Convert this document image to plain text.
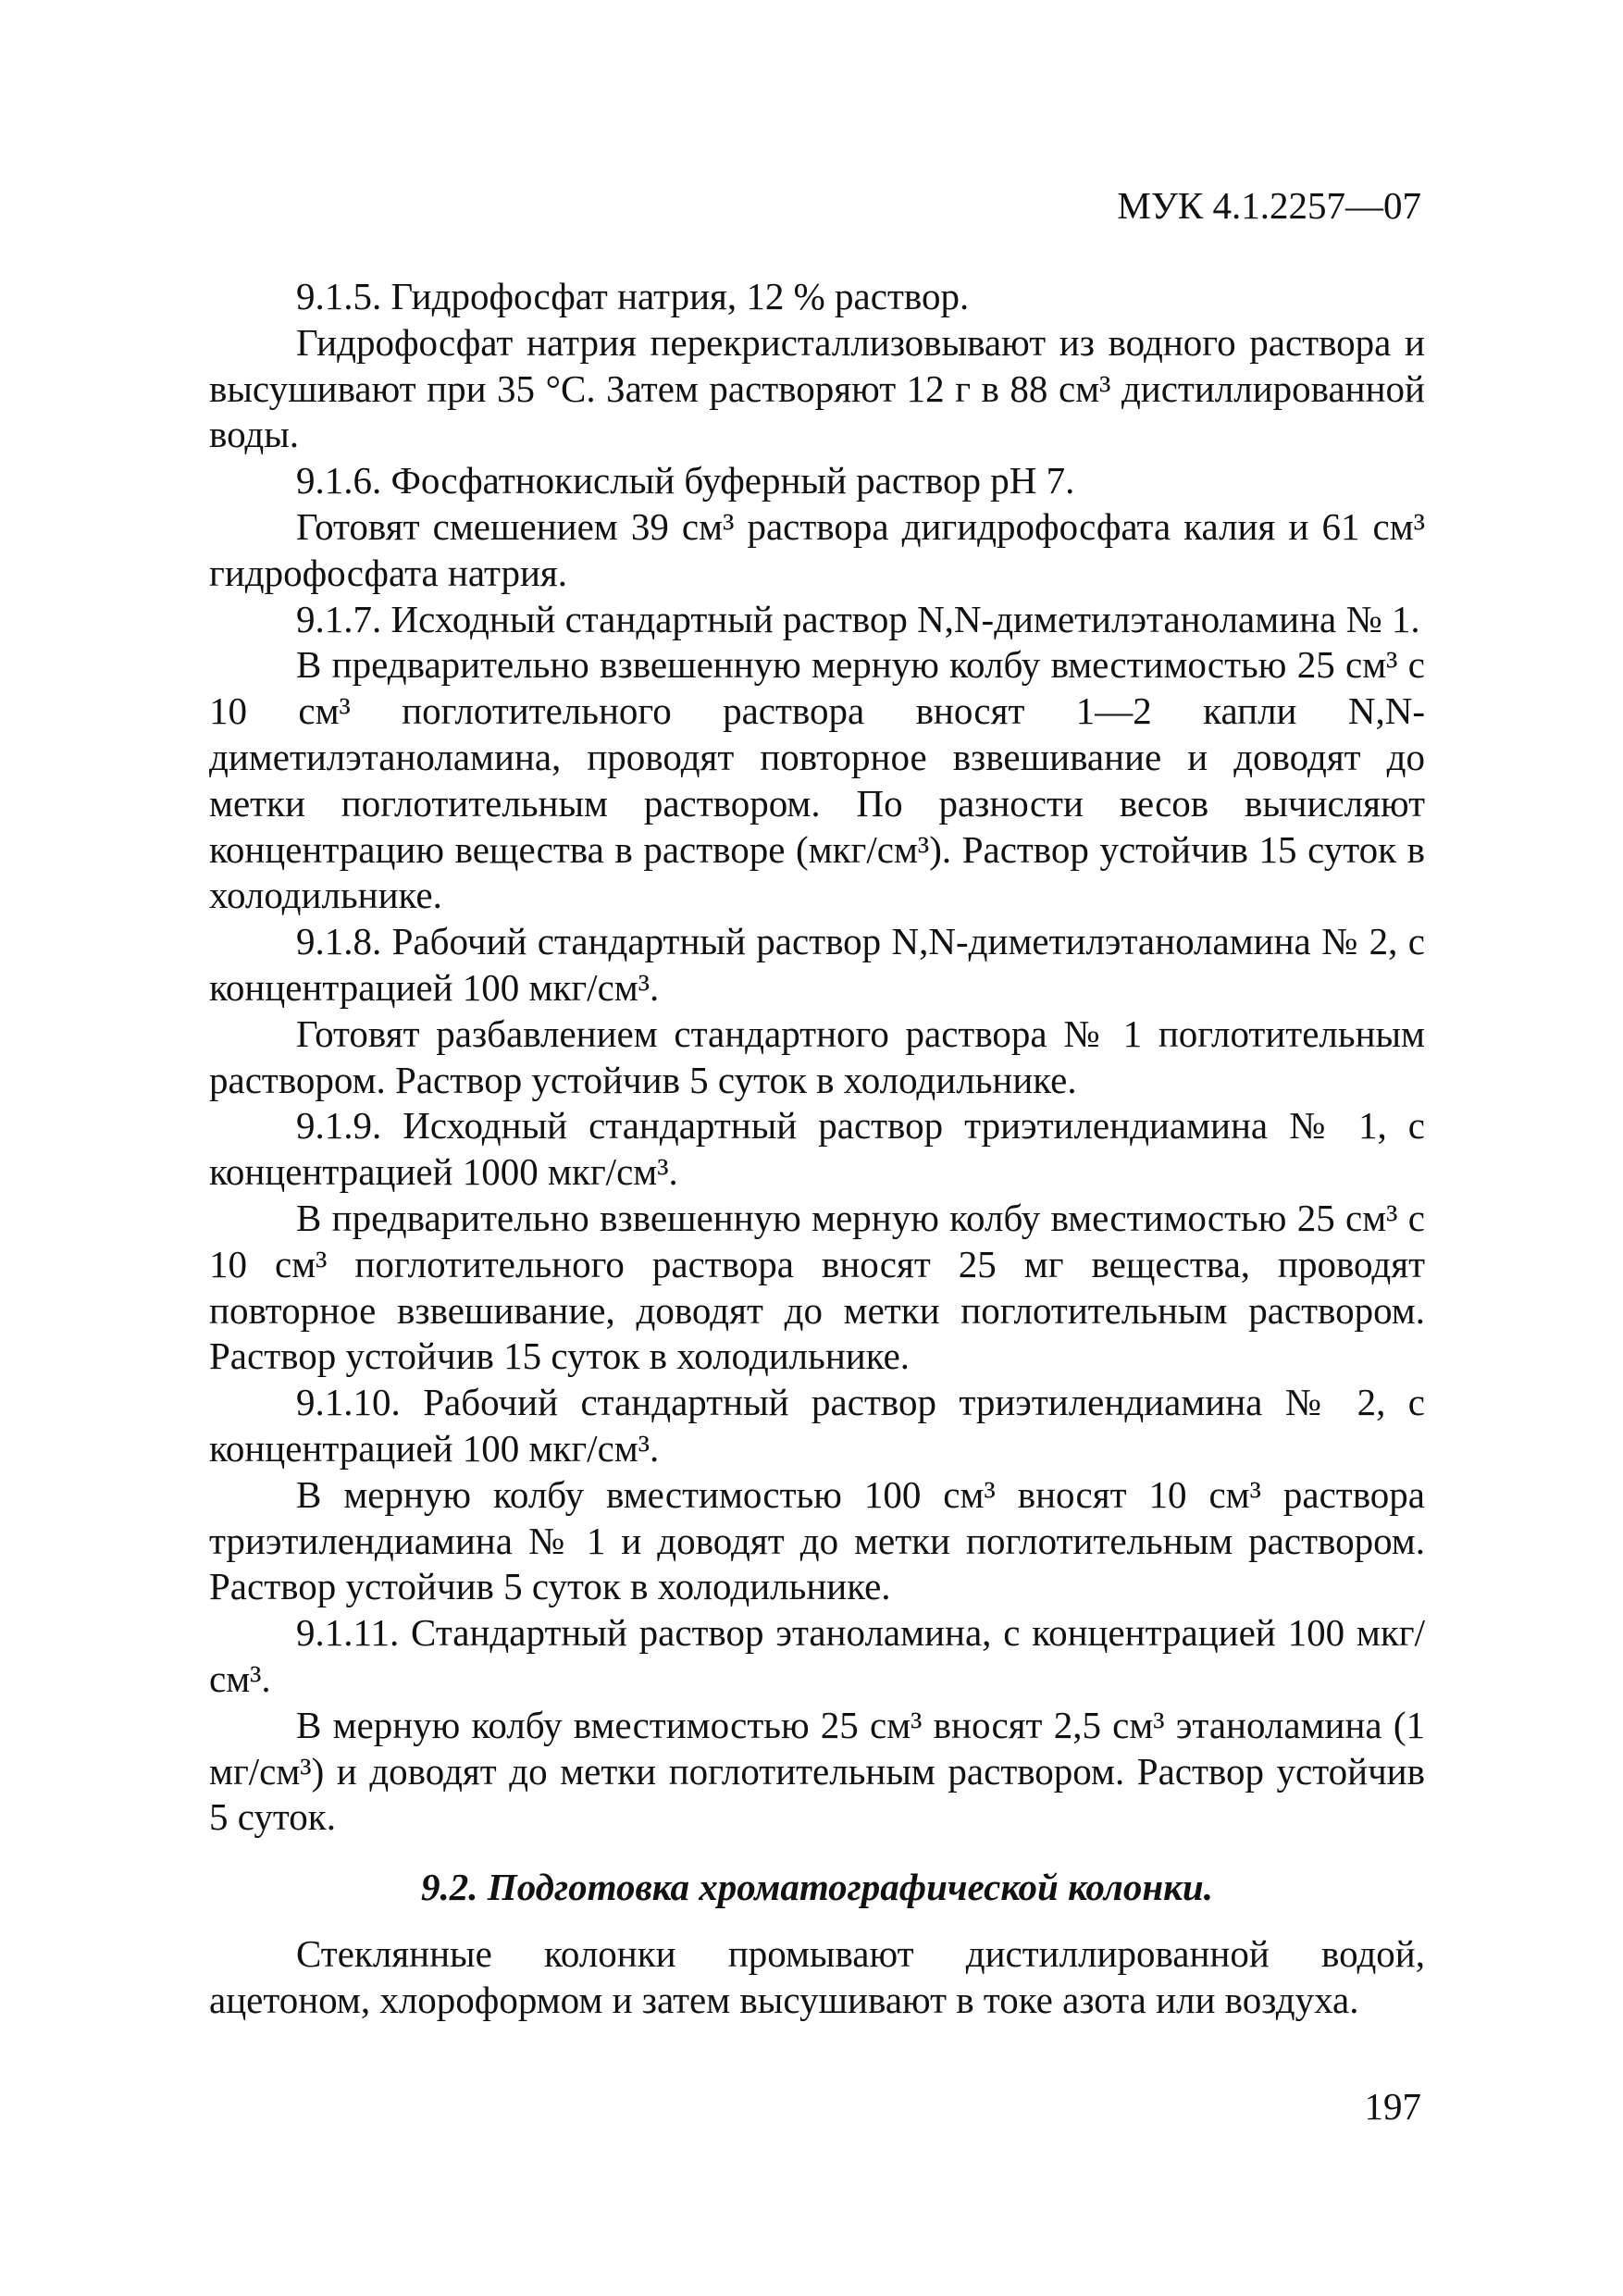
МУК 4.1.2257—07

9.1.5. Гидрофосфат натрия, 12 % раствор.

Гидрофосфат натрия перекристаллизовывают из водного раствора и высушивают при 35 °С. Затем растворяют 12 г в 88 см³ дистиллированной воды.

9.1.6. Фосфатнокислый буферный раствор pH 7.

Готовят смешением 39 см³ раствора дигидрофосфата калия и 61 см³ гидрофосфата натрия.

9.1.7. Исходный стандартный раствор N,N-диметилэтаноламина № 1.

В предварительно взвешенную мерную колбу вместимостью 25 см³ с 10 см³ поглотительного раствора вносят 1—2 капли N,N-диметилэтаноламина, проводят повторное взвешивание и доводят до метки поглотительным раствором. По разности весов вычисляют концентрацию вещества в растворе (мкг/см³). Раствор устойчив 15 суток в холодильнике.

9.1.8. Рабочий стандартный раствор N,N-диметилэтаноламина № 2, с концентрацией 100 мкг/см³.

Готовят разбавлением стандартного раствора № 1 поглотительным раствором. Раствор устойчив 5 суток в холодильнике.

9.1.9. Исходный стандартный раствор триэтилендиамина № 1, с концентрацией 1000 мкг/см³.

В предварительно взвешенную мерную колбу вместимостью 25 см³ с 10 см³ поглотительного раствора вносят 25 мг вещества, проводят повторное взвешивание, доводят до метки поглотительным раствором. Раствор устойчив 15 суток в холодильнике.

9.1.10. Рабочий стандартный раствор триэтилендиамина № 2, с концентрацией 100 мкг/см³.

В мерную колбу вместимостью 100 см³ вносят 10 см³ раствора триэтилендиамина № 1 и доводят до метки поглотительным раствором. Раствор устойчив 5 суток в холодильнике.

9.1.11. Стандартный раствор этаноламина, с концентрацией 100 мкг/см³.

В мерную колбу вместимостью 25 см³ вносят 2,5 см³ этаноламина (1 мг/см³) и доводят до метки поглотительным раствором. Раствор устойчив 5 суток.

9.2. Подготовка хроматографической колонки.

Стеклянные колонки промывают дистиллированной водой, ацетоном, хлороформом и затем высушивают в токе азота или воздуха.

197
